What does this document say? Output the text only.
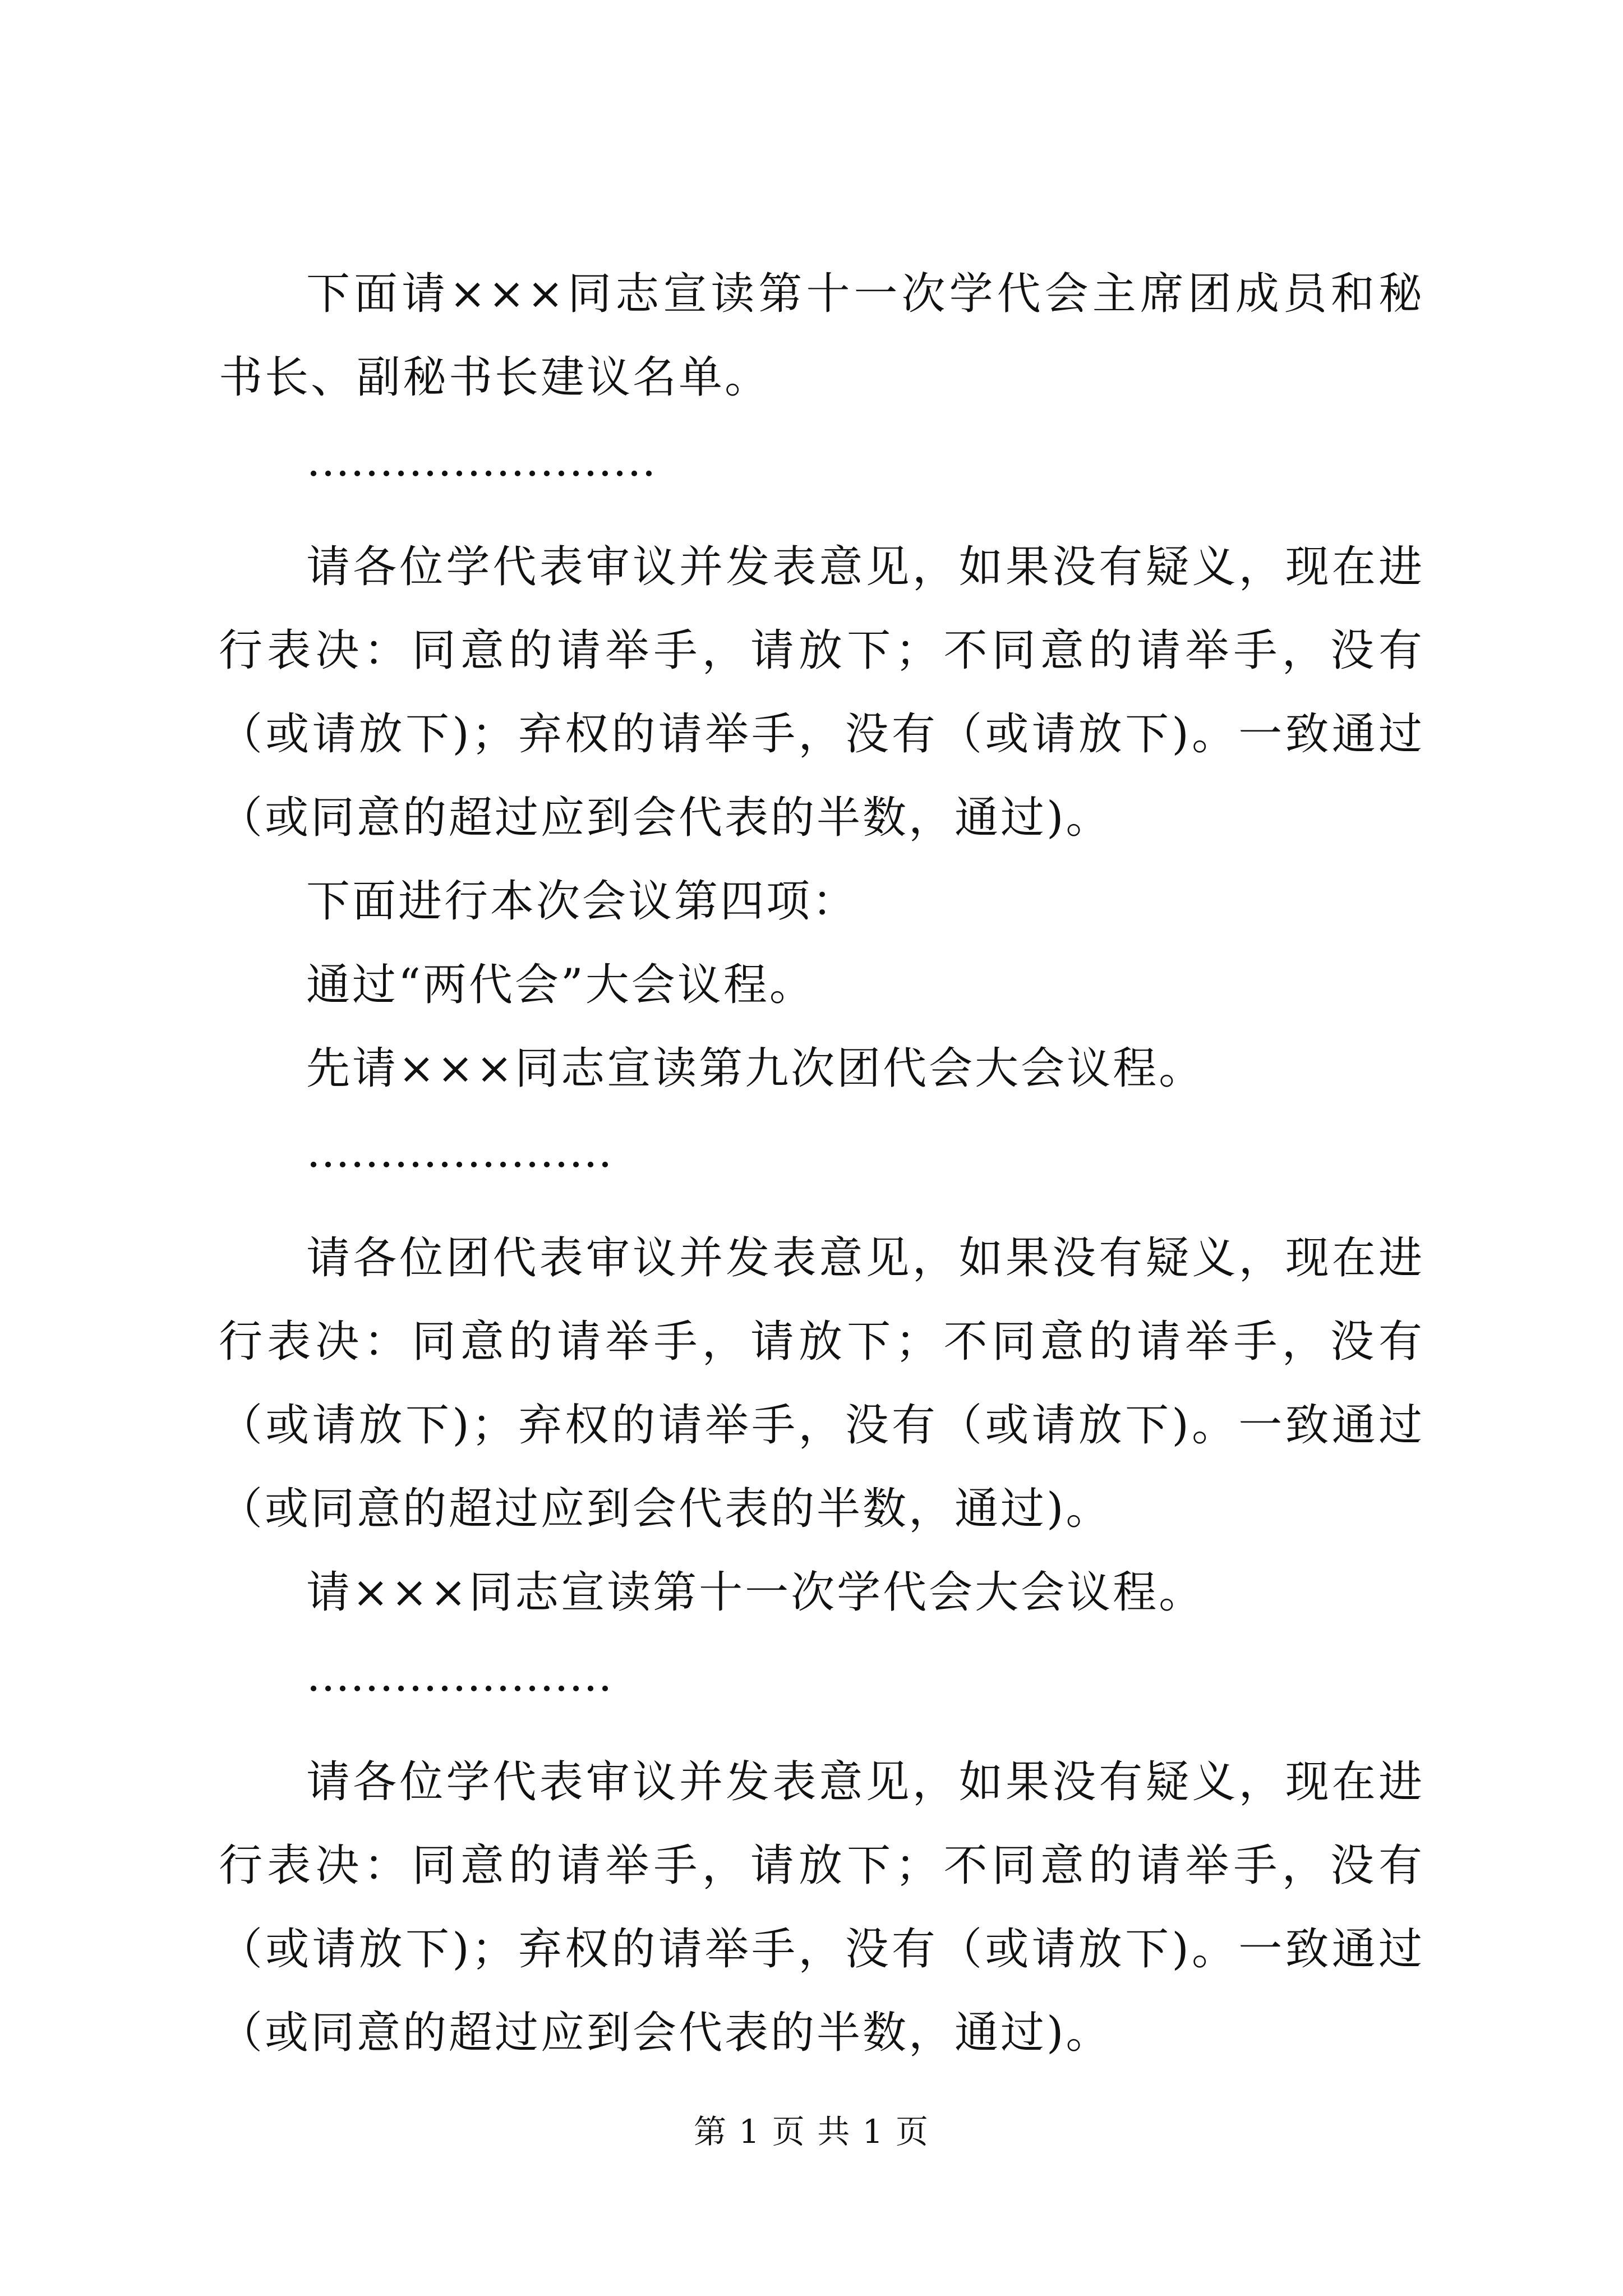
下面请×××同志宣读第十一次学代会主席团成员和秘书长、副秘书长建议名单。

……………………

请各位学代表审议并发表意见，如果没有疑义，现在进行表决：同意的请举手，请放下；不同意的请举手，没有（或请放下)；弃权的请举手，没有（或请放下)。一致通过（或同意的超过应到会代表的半数，通过)。

下面进行本次会议第四项：

通过“两代会”大会议程。

先请×××同志宣读第九次团代会大会议程。

…………………

请各位团代表审议并发表意见，如果没有疑义，现在进行表决：同意的请举手，请放下；不同意的请举手，没有（或请放下)；弃权的请举手，没有（或请放下)。一致通过（或同意的超过应到会代表的半数，通过)。

请×××同志宣读第十一次学代会大会议程。

…………………

请各位学代表审议并发表意见，如果没有疑义，现在进行表决：同意的请举手，请放下；不同意的请举手，没有（或请放下)；弃权的请举手，没有（或请放下)。一致通过（或同意的超过应到会代表的半数，通过)。

第 1 页 共 1 页
